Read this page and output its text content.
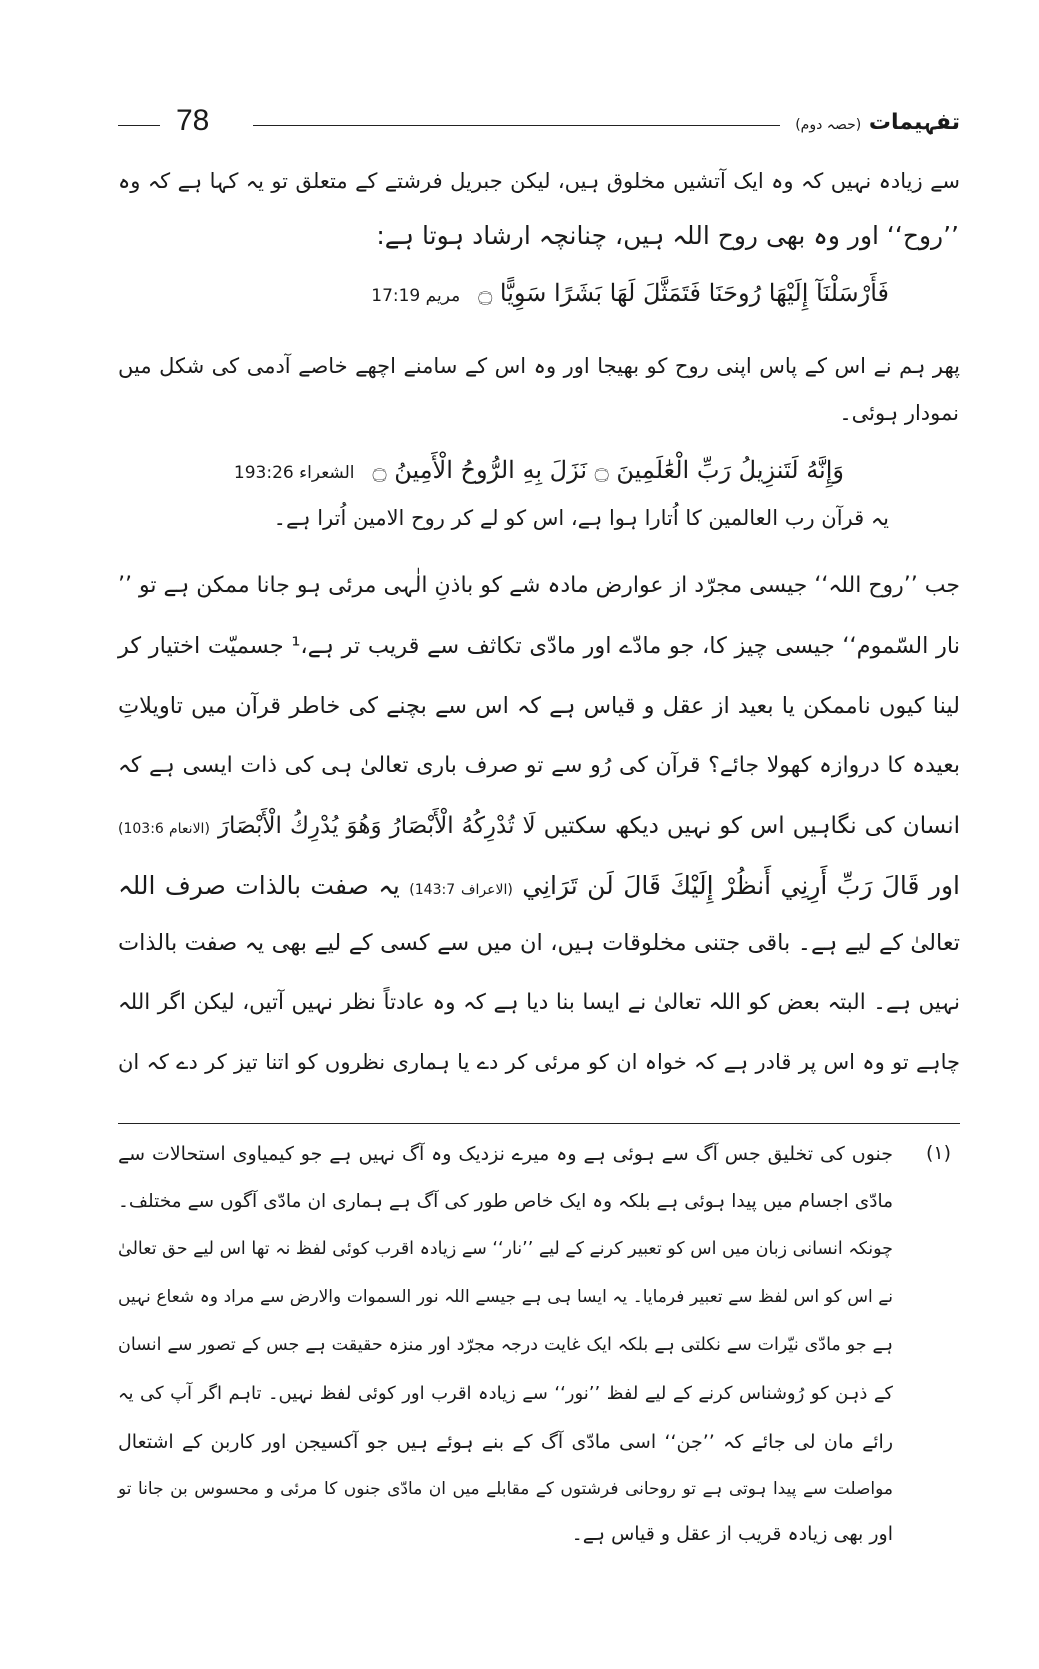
تفہیمات (حصہ دوم)
78
سے زیادہ نہیں کہ وہ ایک آتشیں مخلوق ہیں، لیکن جبریل فرشتے کے متعلق تو یہ کہا ہے کہ وہ
’’روح‘‘ اور وہ بھی روح اللہ ہیں، چنانچہ ارشاد ہوتا ہے:
فَأَرْسَلْنَآ إِلَيْهَا رُوحَنَا فَتَمَثَّلَ لَهَا بَشَرًا سَوِيًّا ۝مریم 17:19
پھر ہم نے اس کے پاس اپنی روح کو بھیجا اور وہ اس کے سامنے اچھے خاصے آدمی کی شکل میں
نمودار ہوئی۔
وَإِنَّهُ لَتَنزِيلُ رَبِّ الْعَٰلَمِينَ ۝ نَزَلَ بِهِ الرُّوحُ الْأَمِينُ ۝الشعراء 193:26
یہ قرآن رب العالمین کا اُتارا ہوا ہے، اس کو لے کر روح الامین اُترا ہے۔
جب ’’روح اللہ‘‘ جیسی مجرّد از عوارض مادہ شے کو باذنِ الٰہی مرئی ہو جانا ممکن ہے تو ’’
نار السّموم‘‘ جیسی چیز کا، جو مادّے اور مادّی تکاثف سے قریب تر ہے،¹ جسمیّت اختیار کر
لینا کیوں ناممکن یا بعید از عقل و قیاس ہے کہ اس سے بچنے کی خاطر قرآن میں تاویلاتِ
بعیدہ کا دروازہ کھولا جائے؟ قرآن کی رُو سے تو صرف باری تعالیٰ ہی کی ذات ایسی ہے کہ
انسان کی نگاہیں اس کو نہیں دیکھ سکتیں لَا تُدْرِكُهُ الْأَبْصَارُ وَهُوَ يُدْرِكُ الْأَبْصَارَ (الانعام 103:6)
اور قَالَ رَبِّ أَرِنِي أَنظُرْ إِلَيْكَ قَالَ لَن تَرَانِي (الاعراف 143:7) یہ صفت بالذات صرف اللہ
تعالیٰ کے لیے ہے۔ باقی جتنی مخلوقات ہیں، ان میں سے کسی کے لیے بھی یہ صفت بالذات
نہیں ہے۔ البتہ بعض کو اللہ تعالیٰ نے ایسا بنا دیا ہے کہ وہ عادتاً نظر نہیں آتیں، لیکن اگر اللہ
چاہے تو وہ اس پر قادر ہے کہ خواہ ان کو مرئی کر دے یا ہماری نظروں کو اتنا تیز کر دے کہ ان
(۱)
جنوں کی تخلیق جس آگ سے ہوئی ہے وہ میرے نزدیک وہ آگ نہیں ہے جو کیمیاوی استحالات سے
مادّی اجسام میں پیدا ہوئی ہے بلکہ وہ ایک خاص طور کی آگ ہے ہماری ان مادّی آگوں سے مختلف۔
چونکہ انسانی زبان میں اس کو تعبیر کرنے کے لیے ’’نار‘‘ سے زیادہ اقرب کوئی لفظ نہ تھا اس لیے حق تعالیٰ
نے اس کو اس لفظ سے تعبیر فرمایا۔ یہ ایسا ہی ہے جیسے اللہ نور السموات والارض سے مراد وہ شعاع نہیں
ہے جو مادّی نیّرات سے نکلتی ہے بلکہ ایک غایت درجہ مجرّد اور منزہ حقیقت ہے جس کے تصور سے انسان
کے ذہن کو رُوشناس کرنے کے لیے لفظ ’’نور‘‘ سے زیادہ اقرب اور کوئی لفظ نہیں۔ تاہم اگر آپ کی یہ
رائے مان لی جائے کہ ’’جن‘‘ اسی مادّی آگ کے بنے ہوئے ہیں جو آکسیجن اور کاربن کے اشتعال
مواصلت سے پیدا ہوتی ہے تو روحانی فرشتوں کے مقابلے میں ان مادّی جنوں کا مرئی و محسوس بن جانا تو
اور بھی زیادہ قریب از عقل و قیاس ہے۔
